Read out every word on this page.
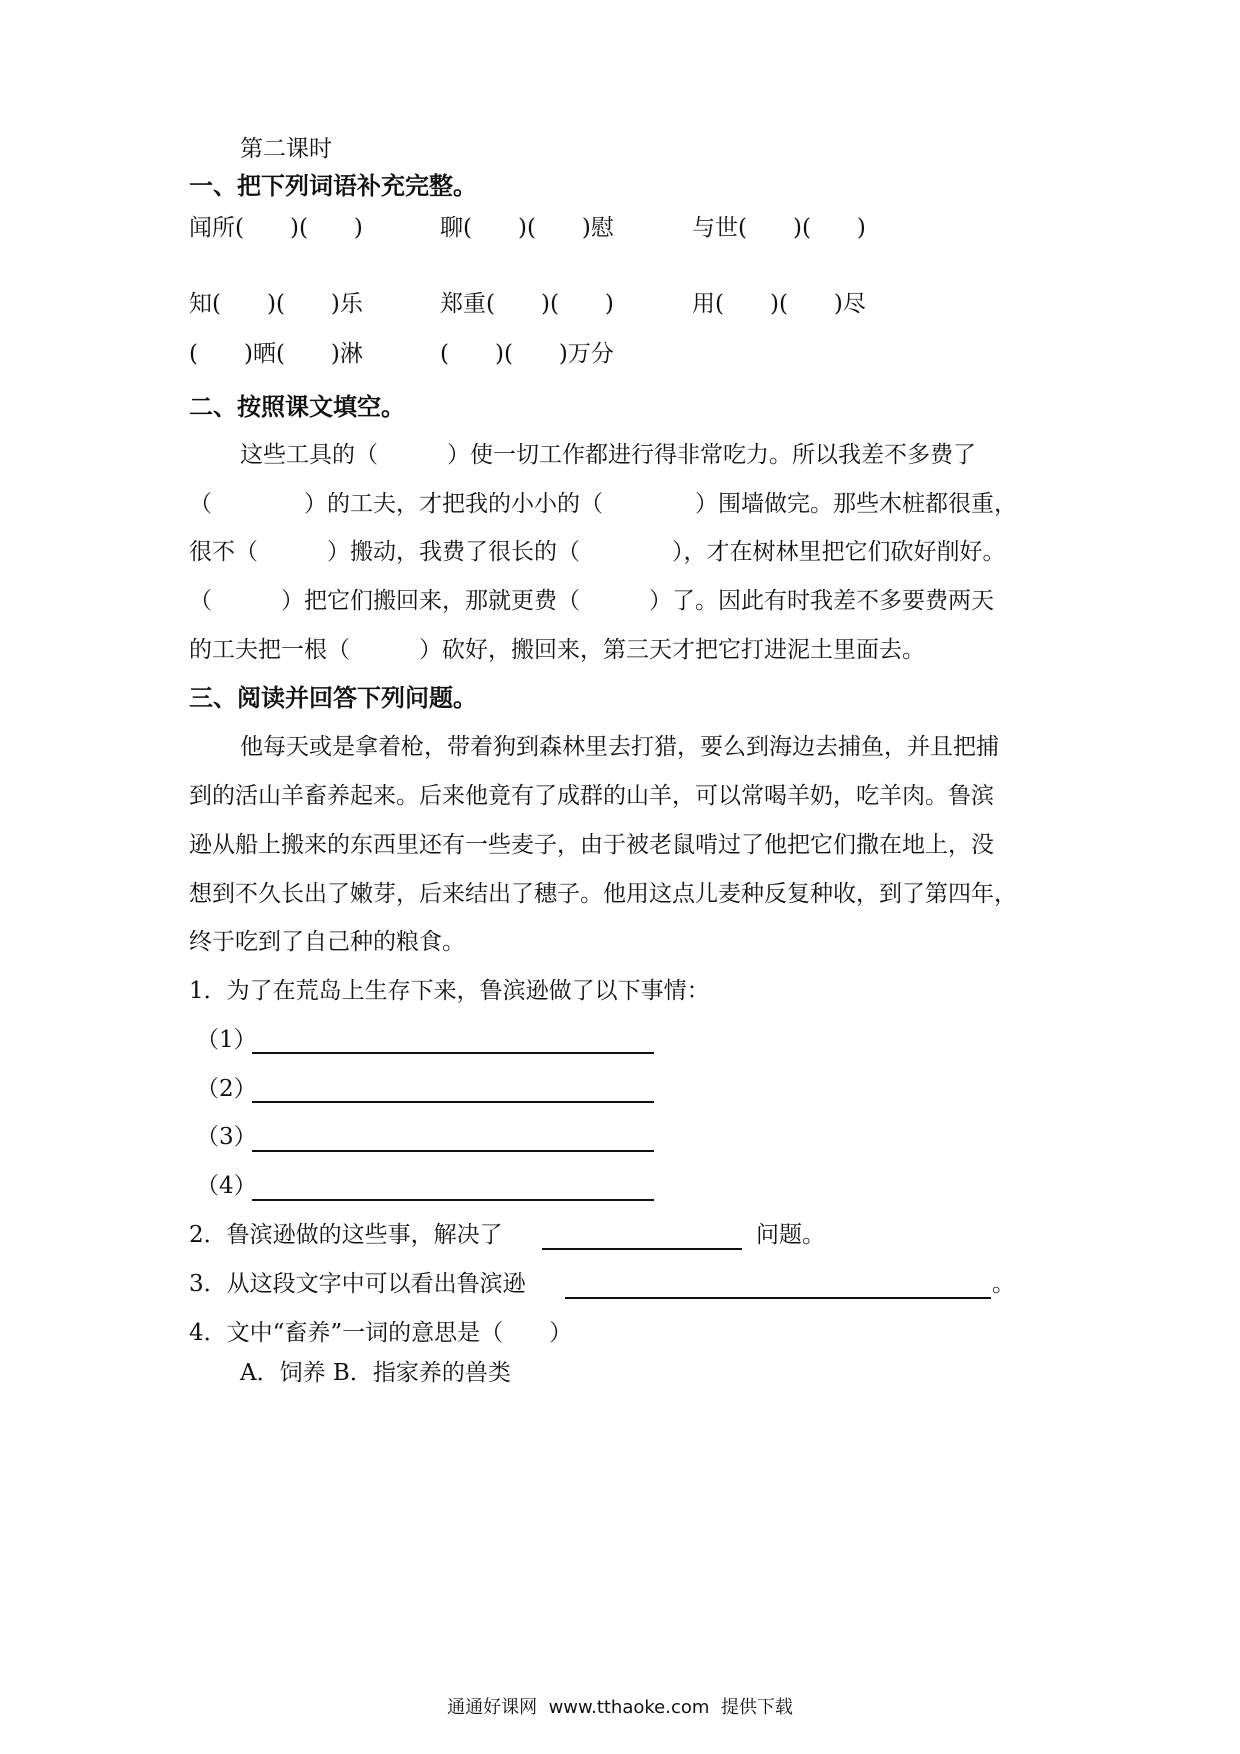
第二课时
一、把下列词语补充完整。
闻所(　　)(　　)	聊(　　)(　　)慰	与世(　　)(　　)
知(　　)(　　)乐	郑重(　　)(　　)	用(　　)(　　)尽
(　　)晒(　　)淋	(　　)(　　)万分
二、按照课文填空。
这些工具的（　　　）使一切工作都进行得非常吃力。所以我差不多费了
（　　　　）的工夫，才把我的小小的（　　　　）围墙做完。那些木桩都很重，
很不（　　　）搬动，我费了很长的（　　　　），才在树林里把它们砍好削好。
（　　　）把它们搬回来，那就更费（　　　）了。因此有时我差不多要费两天
的工夫把一根（　　　）砍好，搬回来，第三天才把它打进泥土里面去。
三、阅读并回答下列问题。
他每天或是拿着枪，带着狗到森林里去打猎，要么到海边去捕鱼，并且把捕
到的活山羊畜养起来。后来他竟有了成群的山羊，可以常喝羊奶，吃羊肉。鲁滨
逊从船上搬来的东西里还有一些麦子，由于被老鼠啃过了他把它们撒在地上，没
想到不久长出了嫩芽，后来结出了穗子。他用这点儿麦种反复种收，到了第四年，
终于吃到了自己种的粮食。
1．为了在荒岛上生存下来，鲁滨逊做了以下事情：
（1）
（2）
（3）
（4）
2．鲁滨逊做的这些事，解决了	问题。
3．从这段文字中可以看出鲁滨逊	。
4．文中“畜养”一词的意思是（　　）
A．饲养 B．指家养的兽类
通通好课网  www.tthaoke.com  提供下载
